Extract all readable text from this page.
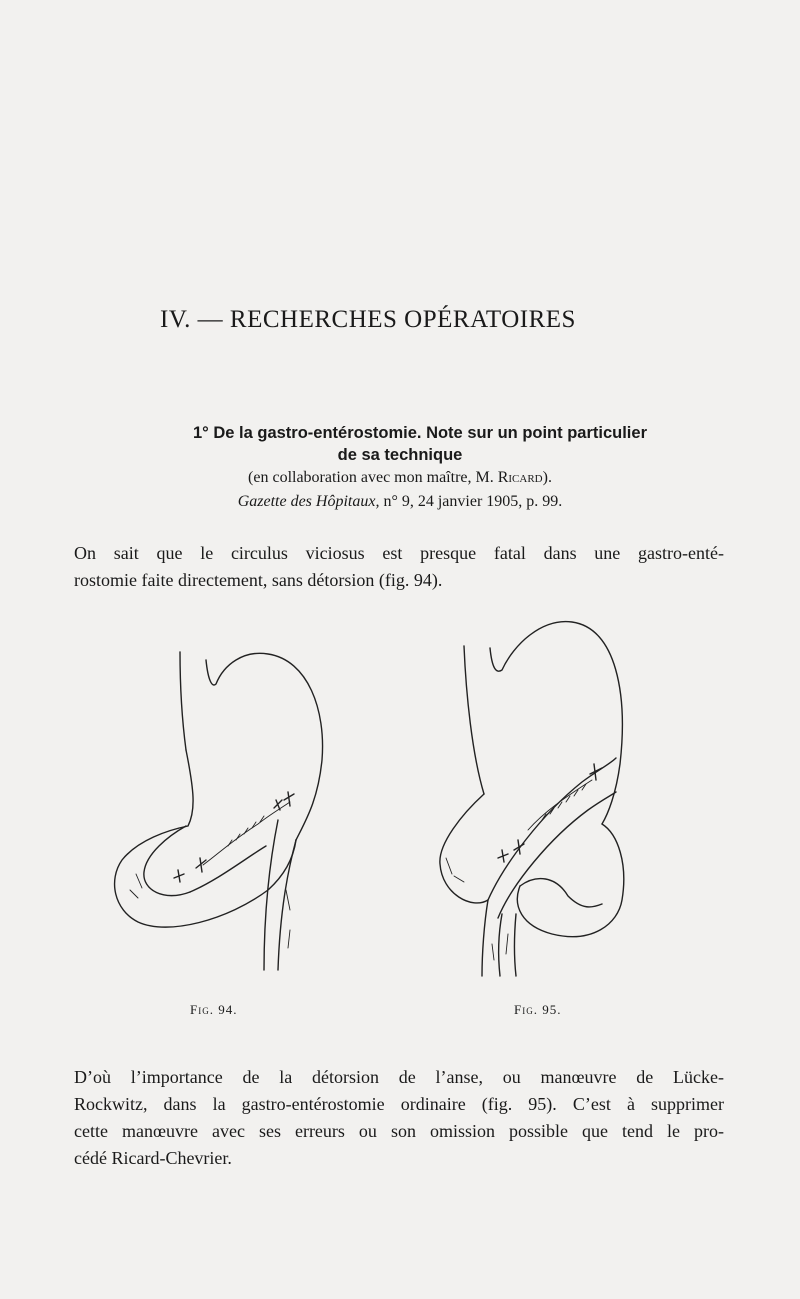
IV. — RECHERCHES OPÉRATOIRES
1° De la gastro-entérostomie. Note sur un point particulier
de sa technique
(en collaboration avec mon maître, M. Ricard).
Gazette des Hôpitaux, n° 9, 24 janvier 1905, p. 99.

On sait que le circulus viciosus est presque fatal dans une gastro-enté-

rostomie faite directement, sans détorsion (fig. 94).

Fig. 94.	Fig. 95.

D’où l’importance de la détorsion de l’anse, ou manœuvre de Lücke-

Rockwitz, dans la gastro-entérostomie ordinaire (fig. 95). C’est à supprimer

cette manœuvre avec ses erreurs ou son omission possible que tend le pro-

cédé Ricard-Chevrier.
